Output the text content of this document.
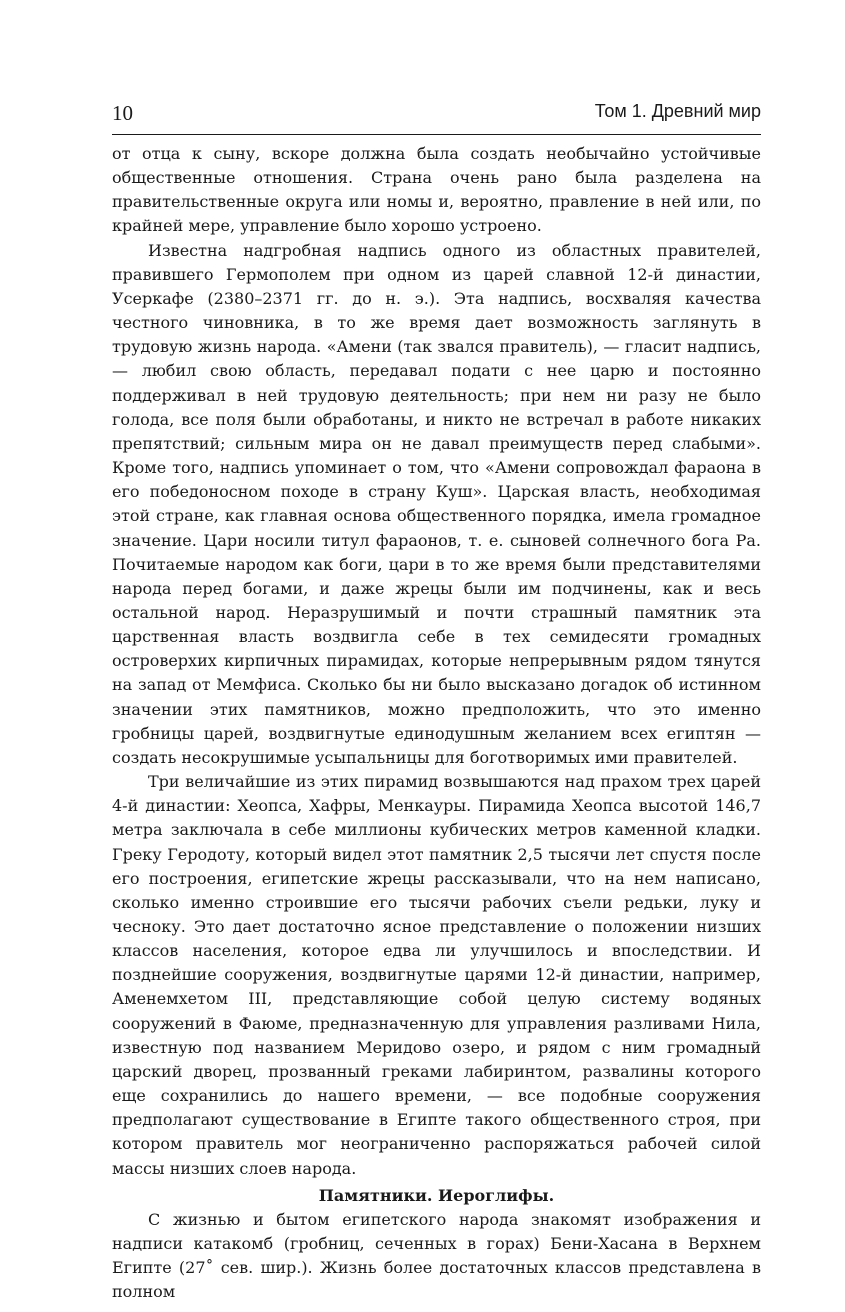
10	Том 1. Древний мир

от отца к сыну, вскоре должна была создать необычайно устойчивые общественные отношения. Страна очень рано была разделена на правительственные округа или номы и, вероятно, правление в ней или, по крайней мере, управление было хорошо устроено.

Известна надгробная надпись одного из областных правителей, правившего Гермополем при одном из царей славной 12-й династии, Усеркафе (2380–2371 гг. до н. э.). Эта надпись, восхваляя качества честного чиновника, в то же время дает возможность заглянуть в трудовую жизнь народа. «Амени (так звался правитель), — гласит надпись, — любил свою область, передавал подати с нее царю и постоянно поддерживал в ней трудовую деятельность; при нем ни разу не было голода, все поля были обработаны, и никто не встречал в работе никаких препятствий; сильным мира он не давал преимуществ перед слабыми». Кроме того, надпись упоминает о том, что «Амени сопровождал фараона в его победоносном походе в страну Куш». Царская власть, необходимая этой стране, как главная основа общественного порядка, имела громадное значение. Цари носили титул фараонов, т. е. сыновей солнечного бога Ра. Почитаемые народом как боги, цари в то же время были представителями народа перед богами, и даже жрецы были им подчинены, как и весь остальной народ. Неразрушимый и почти страшный памятник эта царственная власть воздвигла себе в тех семидесяти громадных островерхих кирпичных пирамидах, которые непрерывным рядом тянутся на запад от Мемфиса. Сколько бы ни было высказано догадок об истинном значении этих памятников, можно предположить, что это именно гробницы царей, воздвигнутые единодушным желанием всех египтян — создать несокрушимые усыпальницы для боготворимых ими правителей.

Три величайшие из этих пирамид возвышаются над прахом трех царей 4-й династии: Хеопса, Хафры, Менкауры. Пирамида Хеопса высотой 146,7 метра заключала в себе миллионы кубических метров каменной кладки. Греку Геродоту, который видел этот памятник 2,5 тысячи лет спустя после его построения, египетские жрецы рассказывали, что на нем написано, сколько именно строившие его тысячи рабочих съели редьки, луку и чесноку. Это дает достаточно ясное представление о положении низших классов населения, которое едва ли улучшилось и впоследствии. И позднейшие сооружения, воздвигнутые царями 12-й династии, например, Аменемхетом III, представляющие собой целую систему водяных сооружений в Фаюме, предназначенную для управления разливами Нила, известную под названием Меридово озеро, и рядом с ним громадный царский дворец, прозванный греками лабиринтом, развалины которого еще сохранились до нашего времени, — все подобные сооружения предполагают существование в Египте такого общественного строя, при котором правитель мог неограниченно распоряжаться рабочей силой массы низших слоев народа.

Памятники. Иероглифы.

С жизнью и бытом египетского народа знакомят изображения и надписи катакомб (гробниц, сеченных в горах) Бени-Хасана в Верхнем Египте (27˚ сев. шир.). Жизнь более достаточных классов представлена в полном
